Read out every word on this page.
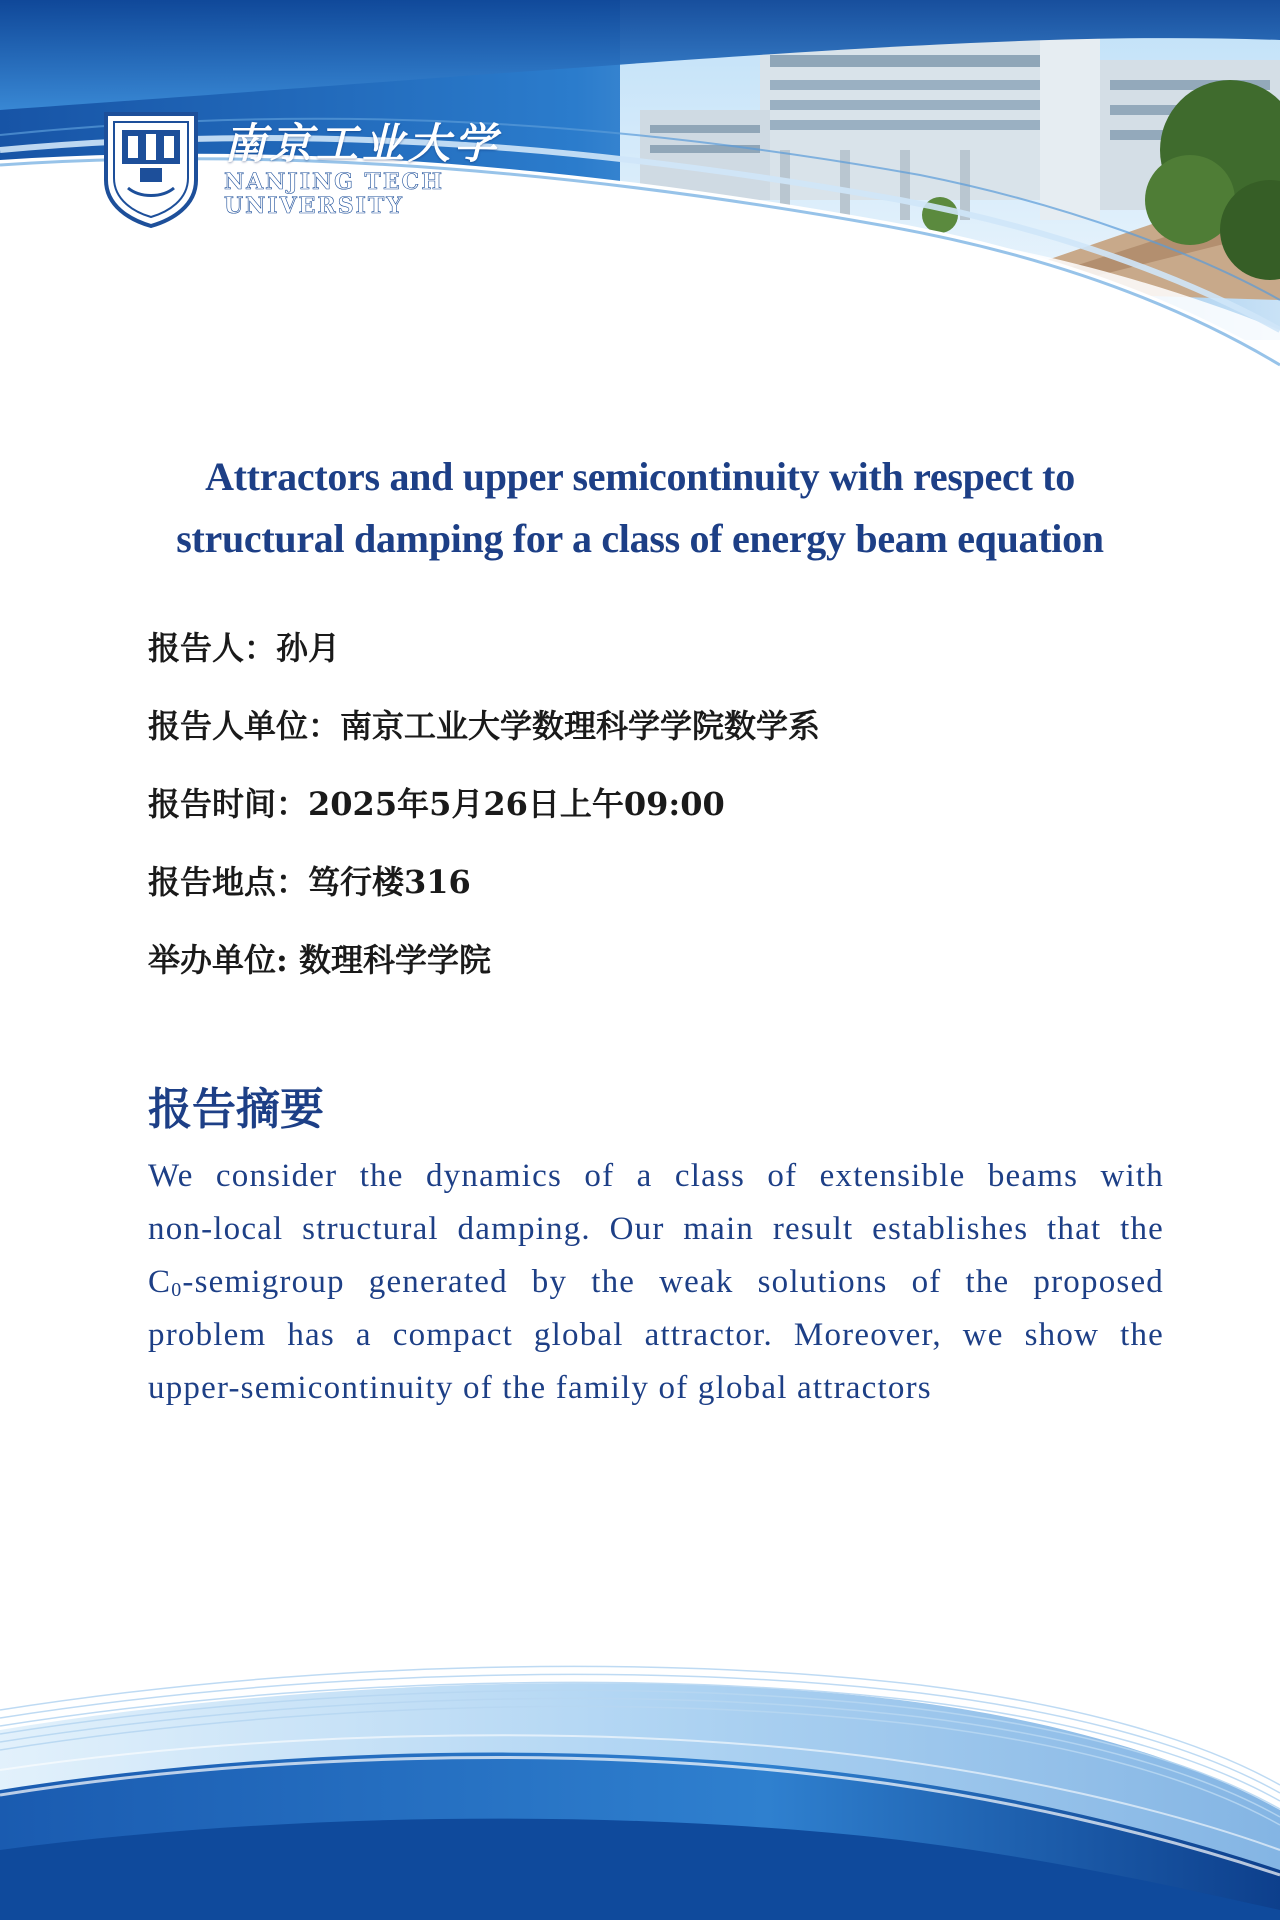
南京工业大学
NANJING TECH
UNIVERSITY
Attractors and upper semicontinuity with respect to
structural damping for a class of energy beam equation
报告人：孙月
报告人单位：南京工业大学数理科学学院数学系
报告时间：2025年5月26日上午09:00
报告地点：笃行楼316
举办单位: 数理科学学院
报告摘要
We consider the dynamics of a class of extensible beams with
non-local structural damping. Our main result establishes that the
$C_0$-semigroup generated by the weak solutions of the proposed
problem has a compact global attractor. Moreover, we show the
upper-semicontinuity of the family of global attractors
